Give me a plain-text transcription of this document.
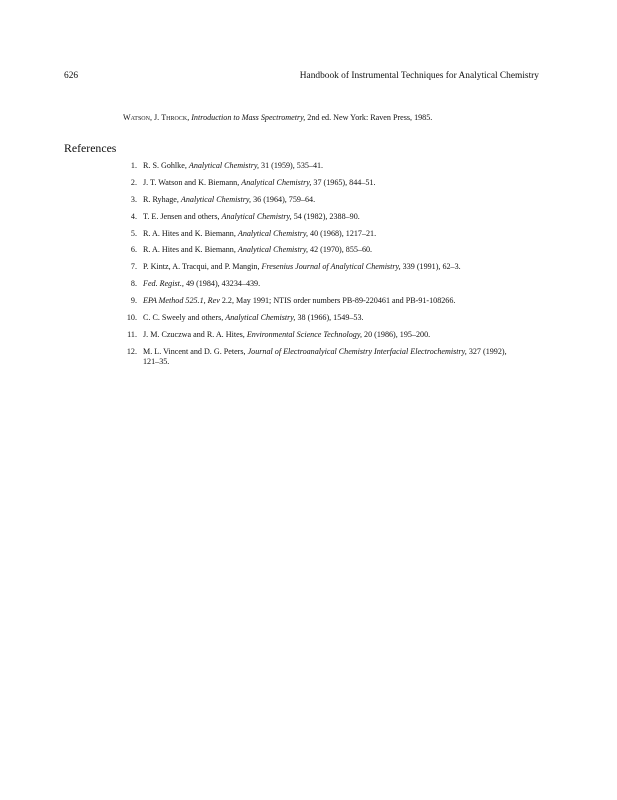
626	Handbook of Instrumental Techniques for Analytical Chemistry
Watson, J. Throck, Introduction to Mass Spectrometry, 2nd ed. New York: Raven Press, 1985.
References
1. R. S. Gohlke, Analytical Chemistry, 31 (1959), 535–41.
2. J. T. Watson and K. Biemann, Analytical Chemistry, 37 (1965), 844–51.
3. R. Ryhage, Analytical Chemistry, 36 (1964), 759–64.
4. T. E. Jensen and others, Analytical Chemistry, 54 (1982), 2388–90.
5. R. A. Hites and K. Biemann, Analytical Chemistry, 40 (1968), 1217–21.
6. R. A. Hites and K. Biemann, Analytical Chemistry, 42 (1970), 855–60.
7. P. Kintz, A. Tracqui, and P. Mangin, Fresenius Journal of Analytical Chemistry, 339 (1991), 62–3.
8. Fed. Regist., 49 (1984), 43234–439.
9. EPA Method 525.1, Rev 2.2, May 1991; NTIS order numbers PB-89-220461 and PB-91-108266.
10. C. C. Sweely and others, Analytical Chemistry, 38 (1966), 1549–53.
11. J. M. Czuczwa and R. A. Hites, Environmental Science Technology, 20 (1986), 195–200.
12. M. L. Vincent and D. G. Peters, Journal of Electroanalyical Chemistry Interfacial Electrochemistry, 327 (1992), 121–35.
